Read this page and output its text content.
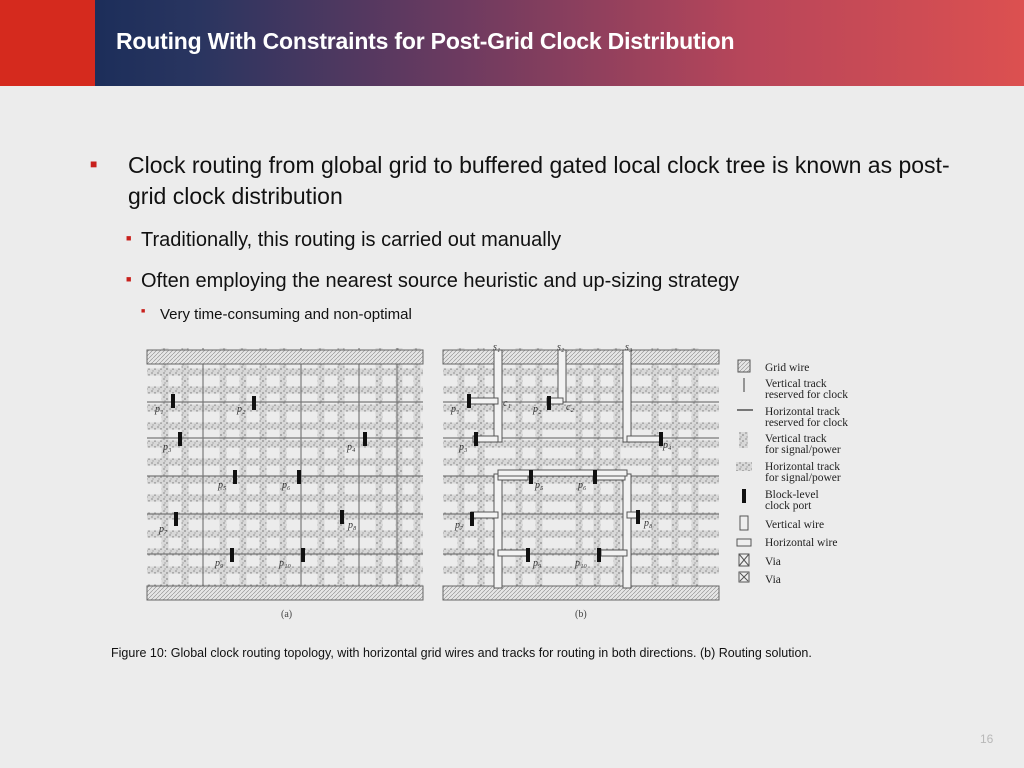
Routing With Constraints for Post-Grid Clock Distribution
■ Clock routing from global grid to buffered gated local clock tree is known as post-grid clock distribution
■ Traditionally, this routing is carried out manually
■ Often employing the nearest source heuristic and up-sizing strategy
■ Very time-consuming and non-optimal
p₁	p₂
p₃	p₄
p₅	p₆
p₇	p₈
p₉	p₁₀
(a)
p₁	p₂
p₃	p₄
p₅	p₆
p₇	p₈
p₉	p₁₀
s₁	s₂	s₃
c₁	c₂
(b)
Grid wire
Vertical track
reserved for clock
Horizontal track
reserved for clock
Vertical track
for signal/power
Horizontal track
for signal/power
Block-level
clock port
Vertical wire
Horizontal wire
Via
Via
Figure 10: Global clock routing topology, with horizontal grid wires and tracks for routing in both directions. (b) Routing solution.
16
